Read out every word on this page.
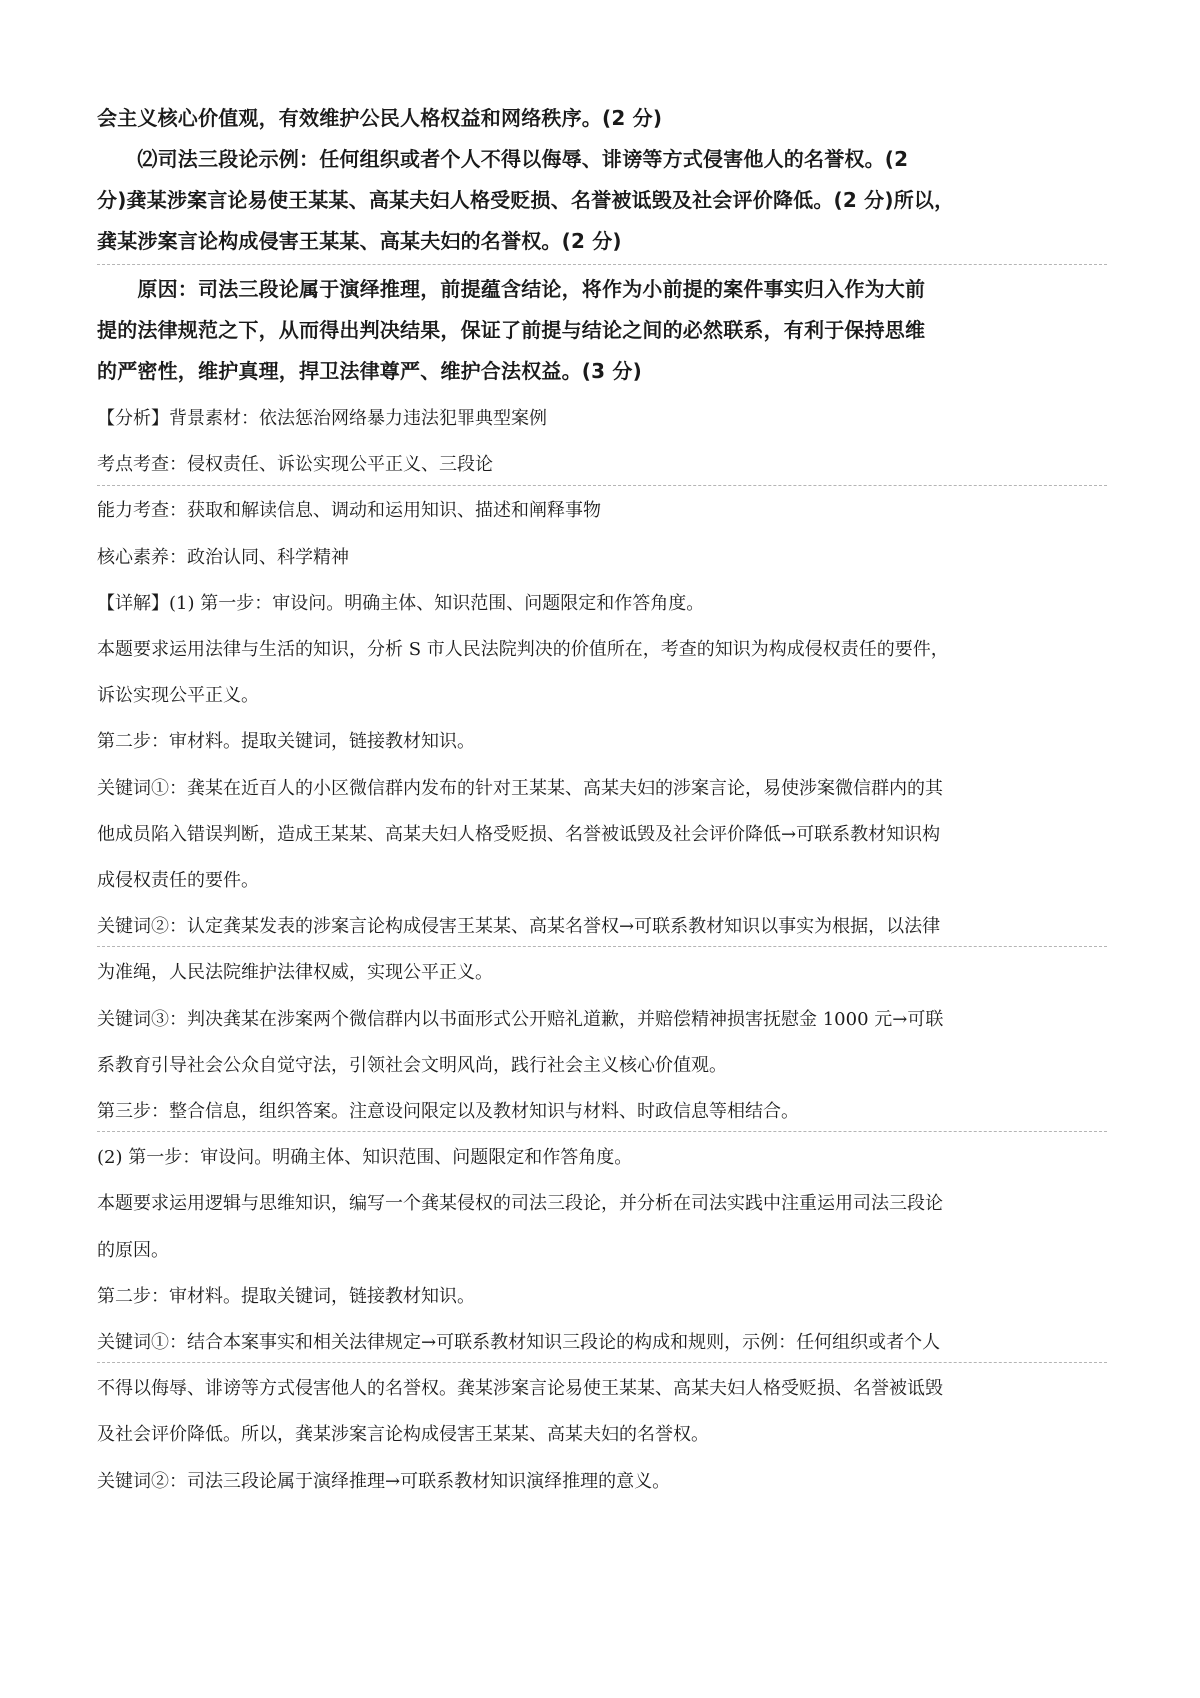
会主义核心价值观，有效维护公民人格权益和网络秩序。(2 分)

　　⑵司法三段论示例：任何组织或者个人不得以侮辱、诽谤等方式侵害他人的名誉权。(2

分)龚某涉案言论易使王某某、高某夫妇人格受贬损、名誉被诋毁及社会评价降低。(2 分)所以，

龚某涉案言论构成侵害王某某、高某夫妇的名誉权。(2 分)

　　原因：司法三段论属于演绎推理，前提蕴含结论，将作为小前提的案件事实归入作为大前

提的法律规范之下，从而得出判决结果，保证了前提与结论之间的必然联系，有利于保持思维

的严密性，维护真理，捍卫法律尊严、维护合法权益。(3 分)

【分析】背景素材：依法惩治网络暴力违法犯罪典型案例

考点考查：侵权责任、诉讼实现公平正义、三段论

能力考查：获取和解读信息、调动和运用知识、描述和阐释事物

核心素养：政治认同、科学精神

【详解】(1) 第一步：审设问。明确主体、知识范围、问题限定和作答角度。

本题要求运用法律与生活的知识，分析 S 市人民法院判决的价值所在，考查的知识为构成侵权责任的要件，

诉讼实现公平正义。

第二步：审材料。提取关键词，链接教材知识。

关键词①：龚某在近百人的小区微信群内发布的针对王某某、高某夫妇的涉案言论，易使涉案微信群内的其

他成员陷入错误判断，造成王某某、高某夫妇人格受贬损、名誉被诋毁及社会评价降低→可联系教材知识构

成侵权责任的要件。

关键词②：认定龚某发表的涉案言论构成侵害王某某、高某名誉权→可联系教材知识以事实为根据，以法律

为准绳，人民法院维护法律权威，实现公平正义。

关键词③：判决龚某在涉案两个微信群内以书面形式公开赔礼道歉，并赔偿精神损害抚慰金 1000 元→可联

系教育引导社会公众自觉守法，引领社会文明风尚，践行社会主义核心价值观。

第三步：整合信息，组织答案。注意设问限定以及教材知识与材料、时政信息等相结合。

(2) 第一步：审设问。明确主体、知识范围、问题限定和作答角度。

本题要求运用逻辑与思维知识，编写一个龚某侵权的司法三段论，并分析在司法实践中注重运用司法三段论

的原因。

第二步：审材料。提取关键词，链接教材知识。

关键词①：结合本案事实和相关法律规定→可联系教材知识三段论的构成和规则，示例：任何组织或者个人

不得以侮辱、诽谤等方式侵害他人的名誉权。龚某涉案言论易使王某某、高某夫妇人格受贬损、名誉被诋毁

及社会评价降低。所以，龚某涉案言论构成侵害王某某、高某夫妇的名誉权。

关键词②：司法三段论属于演绎推理→可联系教材知识演绎推理的意义。
